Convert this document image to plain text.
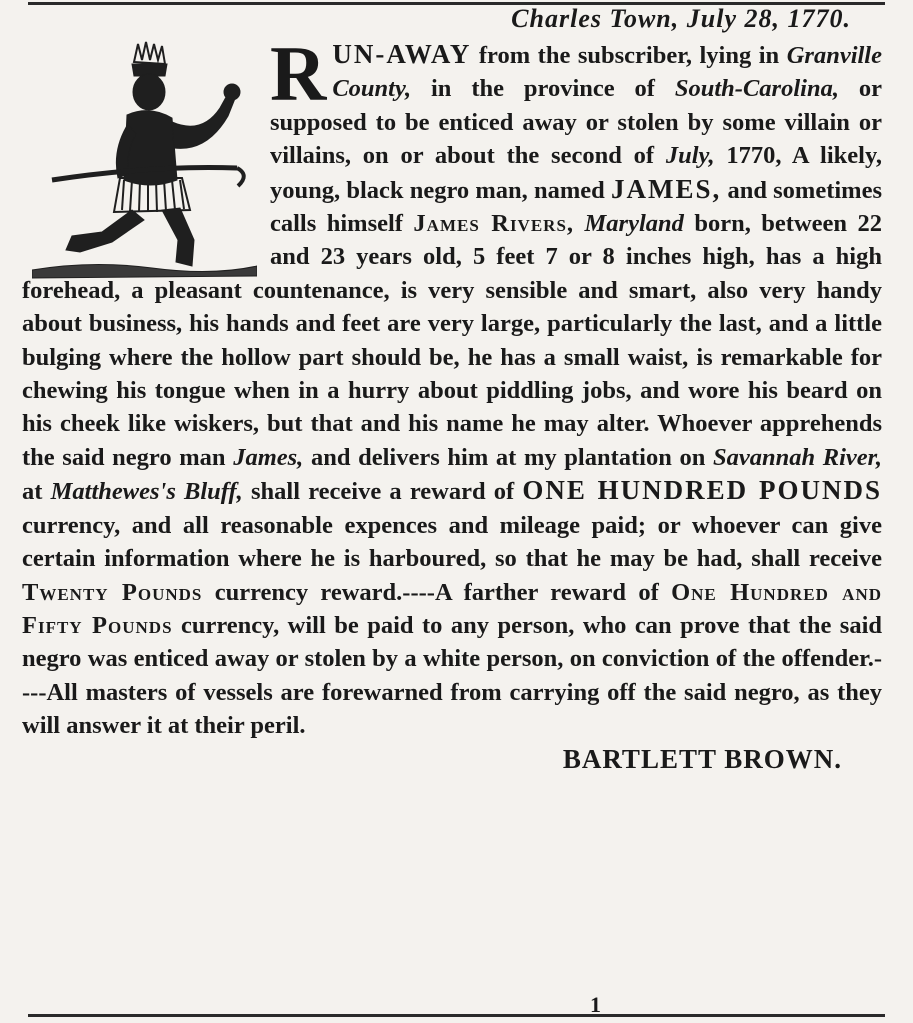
Charles Town, July 28, 1770.
RUN-AWAY from the subscriber, lying in Granville County, in the province of South-Carolina, or supposed to be enticed away or stolen by some villain or villains, on or about the second of July, 1770, A likely, young, black negro man, named JAMES, and sometimes calls himself James Rivers, Maryland born, between 22 and 23 years old, 5 feet 7 or 8 inches high, has a high forehead, a pleasant countenance, is very sensible and smart, also very handy about business, his hands and feet are very large, particularly the last, and a little bulging where the hollow part should be, he has a small waist, is remarkable for chewing his tongue when in a hurry about piddling jobs, and wore his beard on his cheek like wiskers, but that and his name he may alter. Whoever apprehends the said negro man James, and delivers him at my plantation on Savannah River, at Matthewes's Bluff, shall receive a reward of ONE HUNDRED POUNDS currency, and all reasonable expences and mileage paid; or whoever can give certain information where he is harboured, so that he may be had, shall receive Twenty Pounds currency reward.----A farther reward of One Hundred and Fifty Pounds currency, will be paid to any person, who can prove that the said negro was enticed away or stolen by a white person, on conviction of the offender.----All masters of vessels are forewarned from carrying off the said negro, as they will answer it at their peril.
BARTLETT BROWN.
1
